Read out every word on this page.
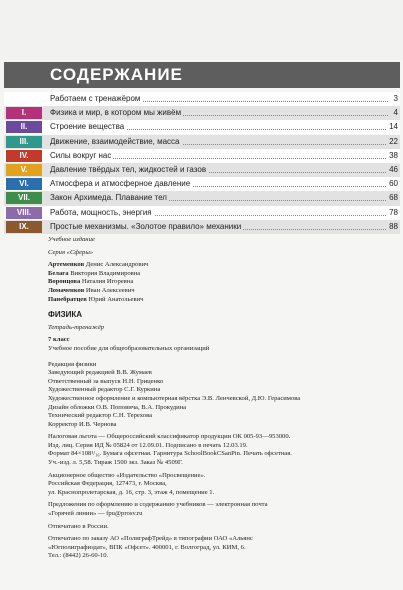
СОДЕРЖАНИЕ
Работаем с тренажёром	3
I.	Физика и мир, в котором мы живём	4
II.	Строение вещества	14
III.	Движение, взаимодействие, масса	22
IV.	Силы вокруг нас	38
V.	Давление твёрдых тел, жидкостей и газов	46
VI.	Атмосфера и атмосферное давление	60
VII.	Закон Архимеда. Плавание тел	68
VIII.	Работа, мощность, энергия	78
IX.	Простые механизмы. «Золотое правило» механики	88

Учебное издание

Серия «Сферы»

Артеменков Денис Александрович

Белага Виктория Владимировна

Воронцова Наталия Игоревна

Ломаченков Иван Алексеевич

Панебратцев Юрий Анатольевич

ФИЗИКА

Тетрадь-тренажёр

7 класс

Учебное пособие для общеобразовательных организаций

Редакция физики

Заведующий редакцией В.В. Жумаев

Ответственный за выпуск Н.Н. Гриценко

Художественный редактор С.Г. Куркина

Художественное оформление и компьютерная вёрстка Э.В. Ленчевской, Д.Ю. Герасимова

Дизайн обложки О.В. Поповича, В.А. Прокудина

Технический редактор С.Н. Терехова

Корректор И.В. Чернова

Налоговая льгота — Общероссийский классификатор продукции ОК 005-93—953000.

Изд. лиц. Серия ИД № 05824 от 12.09.01. Подписано в печать 12.03.19.

Формат 84×108¹/₁₆. Бумага офсетная. Гарнитура SchoolBookCSanPin. Печать офсетная.

Уч.-изд. л. 5,58. Тираж 1500 экз. Заказ № 4509Г.

Акционерное общество «Издательство «Просвещение».

Российская Федерация, 127473, г. Москва,

ул. Краснопролетарская, д. 16, стр. 3, этаж 4, помещение 1.

Предложения по оформлению и содержанию учебников — электронная почта

«Горячей линии» — fpu@prosv.ru

Отпечатано в России.

Отпечатано по заказу АО «ПолиграфТрейд» в типографии ОАО «Альянс

«Югполиграфиздат», ВПК «Офсет». 400001, г. Волгоград, ул. КИМ, 6.

Тел.: (8442) 26-60-10.
